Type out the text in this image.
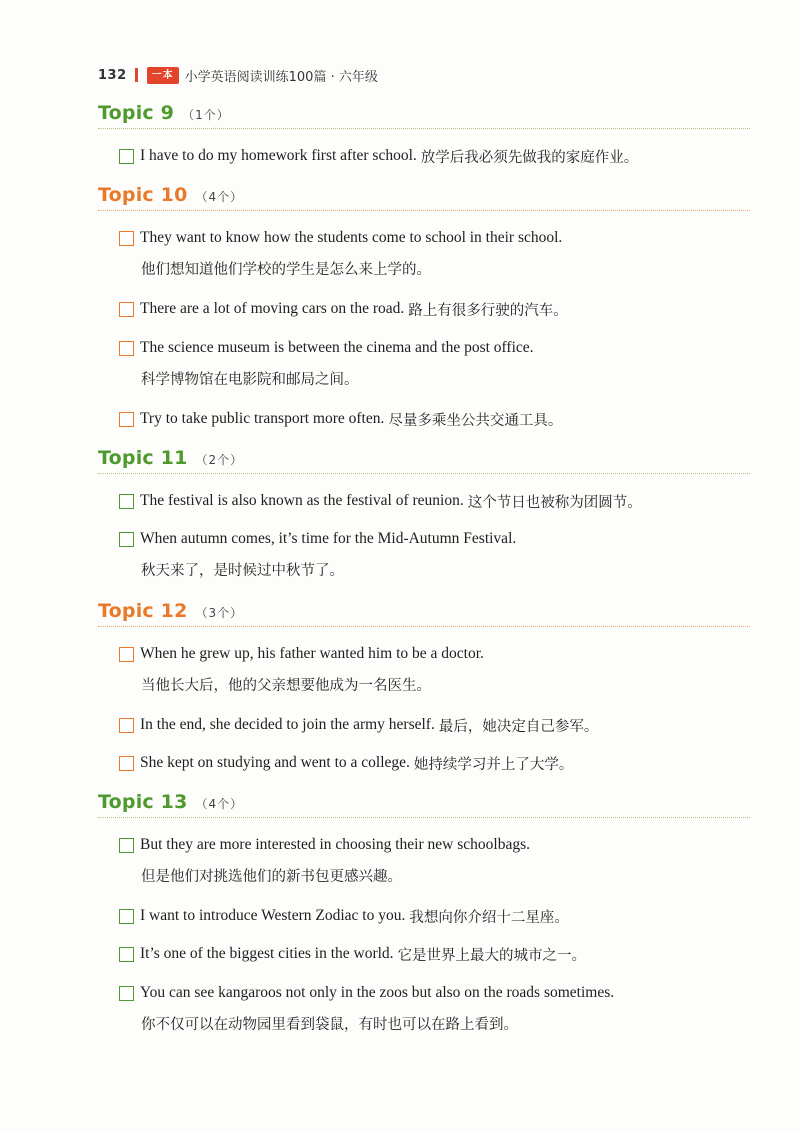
132	一本 小学英语阅读训练100篇 · 六年级
Topic 9 （1个）
I have to do my homework first after school. 放学后我必须先做我的家庭作业。
Topic 10 （4个）
They want to know how the students come to school in their school.
他们想知道他们学校的学生是怎么来上学的。
There are a lot of moving cars on the road. 路上有很多行驶的汽车。
The science museum is between the cinema and the post office.
科学博物馆在电影院和邮局之间。
Try to take public transport more often. 尽量多乘坐公共交通工具。
Topic 11 （2个）
The festival is also known as the festival of reunion. 这个节日也被称为团圆节。
When autumn comes, it’s time for the Mid-Autumn Festival.
秋天来了，是时候过中秋节了。
Topic 12 （3个）
When he grew up, his father wanted him to be a doctor.
当他长大后，他的父亲想要他成为一名医生。
In the end, she decided to join the army herself. 最后，她决定自己参军。
She kept on studying and went to a college. 她持续学习并上了大学。
Topic 13 （4个）
But they are more interested in choosing their new schoolbags.
但是他们对挑选他们的新书包更感兴趣。
I want to introduce Western Zodiac to you. 我想向你介绍十二星座。
It’s one of the biggest cities in the world. 它是世界上最大的城市之一。
You can see kangaroos not only in the zoos but also on the roads sometimes.
你不仅可以在动物园里看到袋鼠，有时也可以在路上看到。
